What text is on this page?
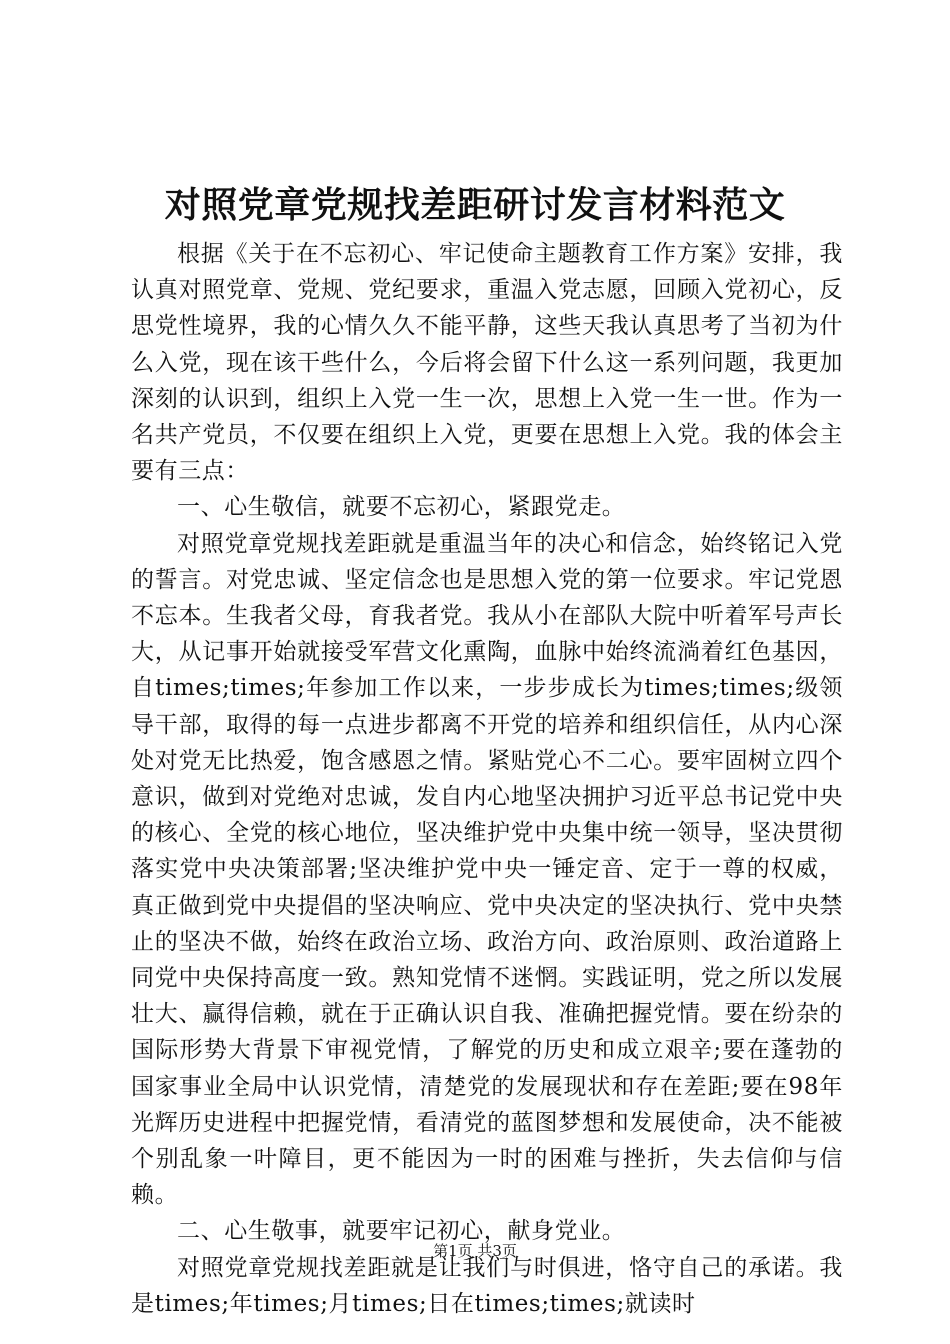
对照党章党规找差距研讨发言材料范文

根据《关于在不忘初心、牢记使命主题教育工作方案》安排，我认真对照党章、党规、党纪要求，重温入党志愿，回顾入党初心，反思党性境界，我的心情久久不能平静，这些天我认真思考了当初为什么入党，现在该干些什么，今后将会留下什么这一系列问题，我更加深刻的认识到，组织上入党一生一次，思想上入党一生一世。作为一名共产党员，不仅要在组织上入党，更要在思想上入党。我的体会主要有三点：

一、心生敬信，就要不忘初心，紧跟党走。

对照党章党规找差距就是重温当年的决心和信念，始终铭记入党的誓言。对党忠诚、坚定信念也是思想入党的第一位要求。牢记党恩不忘本。生我者父母，育我者党。我从小在部队大院中听着军号声长大，从记事开始就接受军营文化熏陶，血脉中始终流淌着红色基因，自times;times;年参加工作以来，一步步成长为times;times;级领导干部，取得的每一点进步都离不开党的培养和组织信任，从内心深处对党无比热爱，饱含感恩之情。紧贴党心不二心。要牢固树立四个意识，做到对党绝对忠诚，发自内心地坚决拥护习近平总书记党中央的核心、全党的核心地位，坚决维护党中央集中统一领导，坚决贯彻落实党中央决策部署;坚决维护党中央一锤定音、定于一尊的权威，真正做到党中央提倡的坚决响应、党中央决定的坚决执行、党中央禁止的坚决不做，始终在政治立场、政治方向、政治原则、政治道路上同党中央保持高度一致。熟知党情不迷惘。实践证明，党之所以发展壮大、赢得信赖，就在于正确认识自我、准确把握党情。要在纷杂的国际形势大背景下审视党情，了解党的历史和成立艰辛;要在蓬勃的国家事业全局中认识党情，清楚党的发展现状和存在差距;要在98年光辉历史进程中把握党情，看清党的蓝图梦想和发展使命，决不能被个别乱象一叶障目，更不能因为一时的困难与挫折，失去信仰与信赖。

二、心生敬事，就要牢记初心，献身党业。

对照党章党规找差距就是让我们与时俱进，恪守自己的承诺。我是times;年times;月times;日在times;times;就读时

第1页 共3页
